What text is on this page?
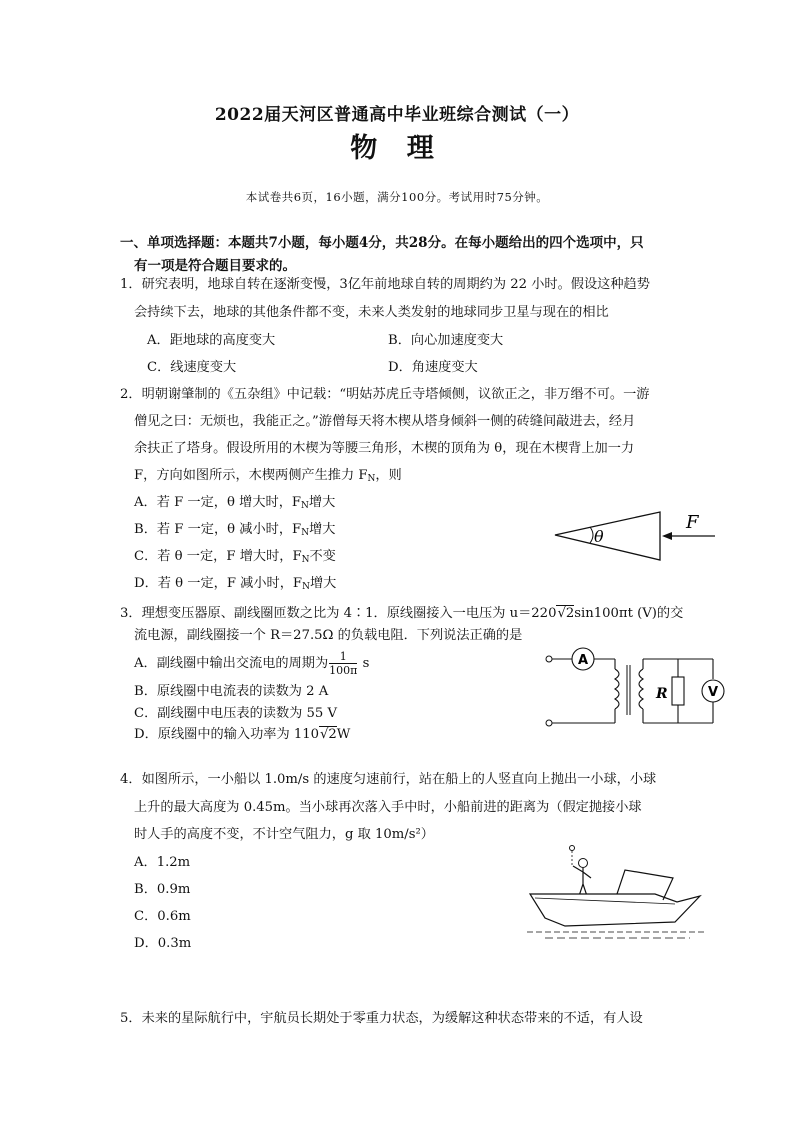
2022届天河区普通高中毕业班综合测试（一）
物 理
本试卷共6页，16小题，满分100分。考试用时75分钟。
一、单项选择题：本题共7小题，每小题4分，共28分。在每小题给出的四个选项中，只
有一项是符合题目要求的。
1．研究表明，地球自转在逐渐变慢，3亿年前地球自转的周期约为 22 小时。假设这种趋势
会持续下去，地球的其他条件都不变，未来人类发射的地球同步卫星与现在的相比
A．距地球的高度变大	B．向心加速度变大
C．线速度变大	D．角速度变大
2．明朝谢肇制的《五杂组》中记载：“明姑苏虎丘寺塔倾侧，议欲正之，非万缗不可。一游
僧见之曰：无烦也，我能正之。”游僧每天将木楔从塔身倾斜一侧的砖缝间敲进去，经月
余扶正了塔身。假设所用的木楔为等腰三角形，木楔的顶角为 θ，现在木楔背上加一力
F，方向如图所示，木楔两侧产生推力 $F_N$，则
A．若 F 一定，θ 增大时，$F_N$增大
B．若 F 一定，θ 减小时，$F_N$增大
C．若 θ 一定，F 增大时，$F_N$不变
D．若 θ 一定，F 减小时，$F_N$增大
θ
F
3．理想变压器原、副线圈匝数之比为 4∶1．原线圈接入一电压为 u＝220√2sin100πt (V)的交
流电源，副线圈接一个 R＝27.5Ω 的负载电阻．下列说法正确的是
A．副线圈中输出交流电的周期为 $\frac{1}{100\pi}$ s
B．原线圈中电流表的读数为 2 A
C．副线圈中电压表的读数为 55 V
D．原线圈中的输入功率为 110√2W
A
R	V
4．如图所示，一小船以 1.0m/s 的速度匀速前行，站在船上的人竖直向上抛出一小球，小球
上升的最大高度为 0.45m。当小球再次落入手中时，小船前进的距离为（假定抛接小球
时人手的高度不变，不计空气阻力，g 取 10m/s²）
A．1.2m
B．0.9m
C．0.6m
D．0.3m
5．未来的星际航行中，宇航员长期处于零重力状态，为缓解这种状态带来的不适，有人设
